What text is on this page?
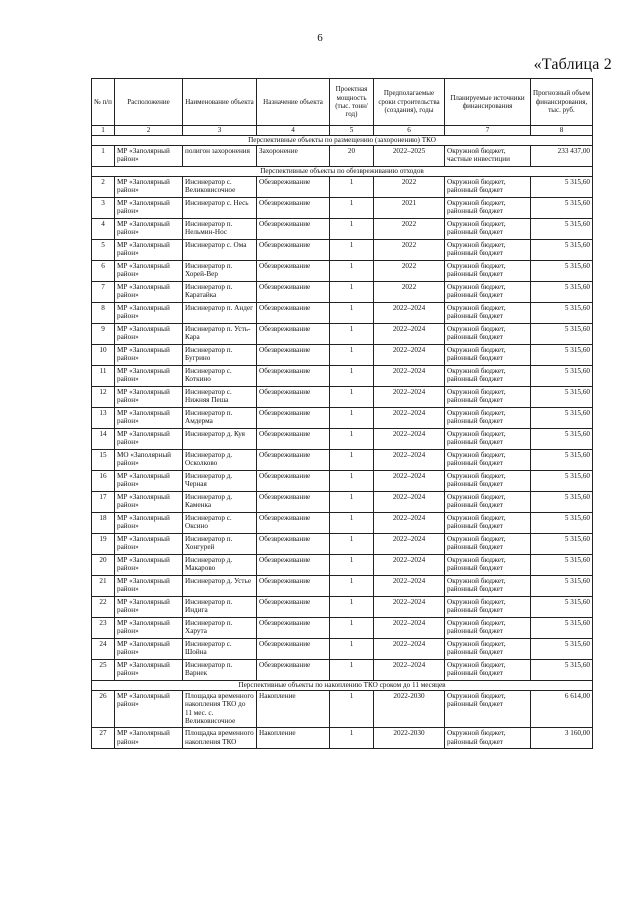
6
«Таблица 2
№ п/п	Расположение	Наименование объекта	Назначение объекта	Проектная мощность (тыс. тонн/ год)	Предполагаемые сроки строительства (создания), годы	Планируемые источники финансирования	Прогнозный объем финансирования, тыс. руб.
1	2	3	4	5	6	7	8
Перспективные объекты по размещению (захоронению) ТКО							
1	МР «Заполярный район»	полигон захоронения	Захоронение	20	2022–2025	Окружной бюджет, частные инвестиции	233 437,00
Перспективные объекты по обезвреживанию отходов							
2	МР «Заполярный район»	Инсинератор с. Великовисочное	Обезвреживание	1	2022	Окружной бюджет, районный бюджет	5 315,60
3	МР «Заполярный район»	Инсинератор с. Несь	Обезвреживание	1	2021	Окружной бюджет, районный бюджет	5 315,60
4	МР «Заполярный район»	Инсинератор п. Нельмин-Нос	Обезвреживание	1	2022	Окружной бюджет, районный бюджет	5 315,60
5	МР «Заполярный район»	Инсинератор с. Ома	Обезвреживание	1	2022	Окружной бюджет, районный бюджет	5 315,60
6	МР «Заполярный район»	Инсинератор п. Хорей-Вер	Обезвреживание	1	2022	Окружной бюджет, районный бюджет	5 315,60
7	МР «Заполярный район»	Инсинератор п. Каратайка	Обезвреживание	1	2022	Окружной бюджет, районный бюджет	5 315,60
8	МР «Заполярный район»	Инсинератор п. Андег	Обезвреживание	1	2022–2024	Окружной бюджет, районный бюджет	5 315,60
9	МР «Заполярный район»	Инсинератор п. Усть-Кара	Обезвреживание	1	2022–2024	Окружной бюджет, районный бюджет	5 315,60
10	МР «Заполярный район»	Инсинератор п. Бугрино	Обезвреживание	1	2022–2024	Окружной бюджет, районный бюджет	5 315,60
11	МР «Заполярный район»	Инсинератор с. Коткино	Обезвреживание	1	2022–2024	Окружной бюджет, районный бюджет	5 315,60
12	МР «Заполярный район»	Инсинератор с. Нижняя Пеша	Обезвреживание	1	2022–2024	Окружной бюджет, районный бюджет	5 315,60
13	МР «Заполярный район»	Инсинератор п. Амдерма	Обезвреживание	1	2022–2024	Окружной бюджет, районный бюджет	5 315,60
14	МР «Заполярный район»	Инсинератор д. Куя	Обезвреживание	1	2022–2024	Окружной бюджет, районный бюджет	5 315,60
15	МО «Заполярный район»	Инсинератор д. Осколково	Обезвреживание	1	2022–2024	Окружной бюджет, районный бюджет	5 315,60
16	МР «Заполярный район»	Инсинератор д. Черная	Обезвреживание	1	2022–2024	Окружной бюджет, районный бюджет	5 315,60
17	МР «Заполярный район»	Инсинератор д. Каменка	Обезвреживание	1	2022–2024	Окружной бюджет, районный бюджет	5 315,60
18	МР «Заполярный район»	Инсинератор с. Оксино	Обезвреживание	1	2022–2024	Окружной бюджет, районный бюджет	5 315,60
19	МР «Заполярный район»	Инсинератор п. Хонгурей	Обезвреживание	1	2022–2024	Окружной бюджет, районный бюджет	5 315,60
20	МР «Заполярный район»	Инсинератор д. Макарово	Обезвреживание	1	2022–2024	Окружной бюджет, районный бюджет	5 315,60
21	МР «Заполярный район»	Инсинератор д. Устье	Обезвреживание	1	2022–2024	Окружной бюджет, районный бюджет	5 315,60
22	МР «Заполярный район»	Инсинератор п. Индига	Обезвреживание	1	2022–2024	Окружной бюджет, районный бюджет	5 315,60
23	МР «Заполярный район»	Инсинератор п. Харута	Обезвреживание	1	2022–2024	Окружной бюджет, районный бюджет	5 315,60
24	МР «Заполярный район»	Инсинератор с. Шойна	Обезвреживание	1	2022–2024	Окружной бюджет, районный бюджет	5 315,60
25	МР «Заполярный район»	Инсинератор п. Варнек	Обезвреживание	1	2022–2024	Окружной бюджет, районный бюджет	5 315,60
Перспективные объекты по накоплению ТКО сроком до 11 месяцев							
26	МР «Заполярный район»	Площадка временного накопления ТКО до 11 мес. с. Великовисочное	Накопление	1	2022-2030	Окружной бюджет, районный бюджет	6 614,00
27	МР «Заполярный район»	Площадка временного накопления ТКО	Накопление	1	2022-2030	Окружной бюджет, районный бюджет	3 160,00
